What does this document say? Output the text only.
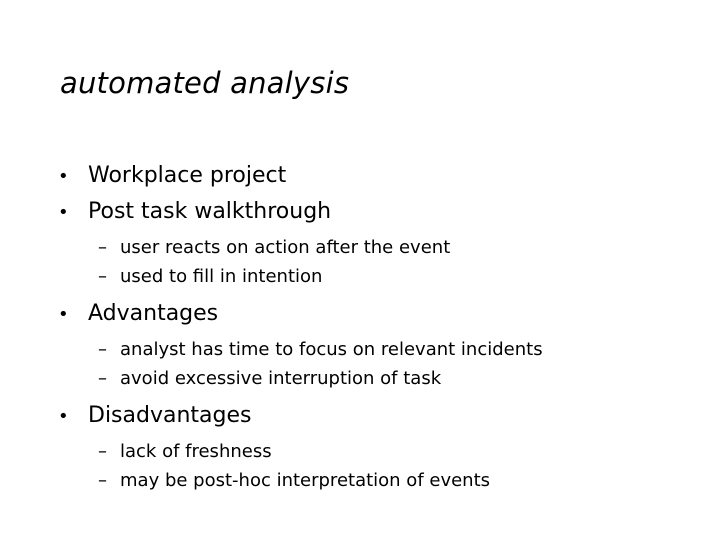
automated analysis
• Workplace project
• Post task walkthrough
– user reacts on action after the event
– used to fill in intention
• Advantages
– analyst has time to focus on relevant incidents
– avoid excessive interruption of task
• Disadvantages
– lack of freshness
– may be post-hoc interpretation of events
